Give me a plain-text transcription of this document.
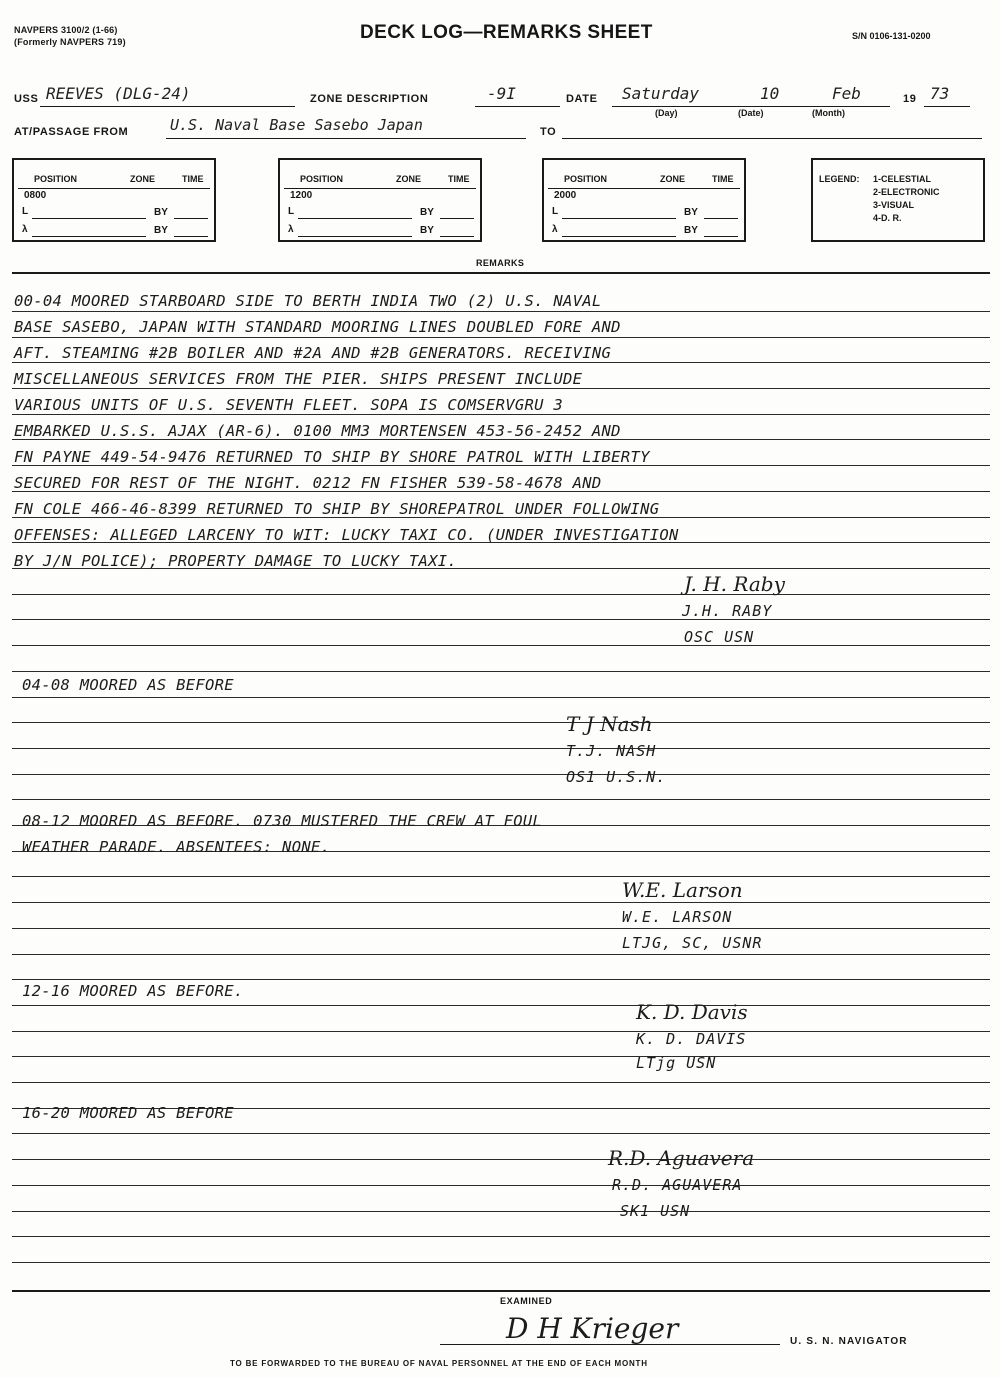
NAVPERS 3100/2 (1-66)
(Formerly NAVPERS 719)	DECK LOG—REMARKS SHEET	S/N 0106-131-0200
USS REEVES (DLG-24)	ZONE DESCRIPTION	-9I	DATE Saturday	10	Feb	19 73
(Day)	(Date)	(Month)
AT/PASSAGE FROM	U.S. Naval Base Sasebo Japan	TO
POSITION	ZONE	TIME
0800
L	BY
λ	BY
POSITION	ZONE	TIME
1200
L	BY
λ	BY
POSITION	ZONE	TIME
2000
L	BY
λ	BY
LEGEND: 1-CELESTIAL
2-ELECTRONIC
3-VISUAL
4-D. R.
REMARKS
00-04 MOORED STARBOARD SIDE TO BERTH INDIA TWO (2) U.S. NAVAL
BASE SASEBO, JAPAN WITH STANDARD MOORING LINES DOUBLED FORE AND
AFT. STEAMING #2B BOILER AND #2A AND #2B GENERATORS. RECEIVING
MISCELLANEOUS SERVICES FROM THE PIER. SHIPS PRESENT INCLUDE
VARIOUS UNITS OF U.S. SEVENTH FLEET. SOPA IS COMSERVGRU 3
EMBARKED U.S.S. AJAX (AR-6). 0100 MM3 MORTENSEN 453-56-2452 AND
FN PAYNE 449-54-9476 RETURNED TO SHIP BY SHORE PATROL WITH LIBERTY
SECURED FOR REST OF THE NIGHT. 0212 FN FISHER 539-58-4678 AND
FN COLE 466-46-8399 RETURNED TO SHIP BY SHOREPATROL UNDER FOLLOWING
OFFENSES: ALLEGED LARCENY TO WIT: LUCKY TAXI CO. (UNDER INVESTIGATION
BY J/N POLICE); PROPERTY DAMAGE TO LUCKY TAXI.
J. H. Raby
J.H. RABY
OSC USN
04-08 MOORED AS BEFORE
T J Nash
T.J. NASH
OS1 U.S.N.
08-12 MOORED AS BEFORE. 0730 MUSTERED THE CREW AT FOUL
WEATHER PARADE. ABSENTEES: NONE.
W.E. Larson
W.E. LARSON
LTJG, SC, USNR
12-16 MOORED AS BEFORE.
K. D. Davis
K. D. DAVIS
LTjg USN
16-20 MOORED AS BEFORE
R.D. Aguavera
R.D. AGUAVERA
SK1 USN
EXAMINED
D H Krieger	U. S. N. NAVIGATOR
TO BE FORWARDED TO THE BUREAU OF NAVAL PERSONNEL AT THE END OF EACH MONTH
